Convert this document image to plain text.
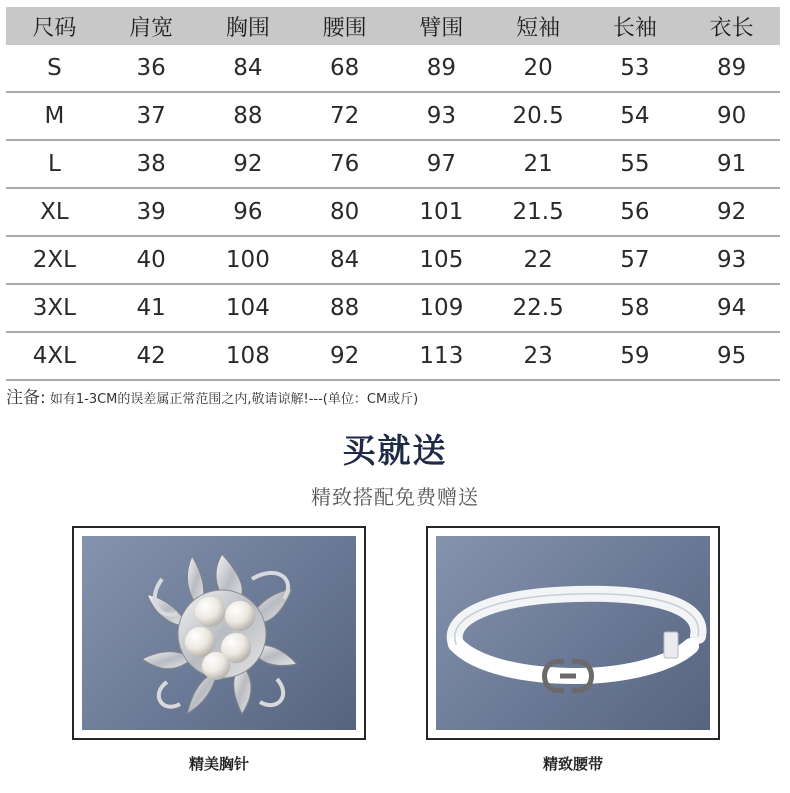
尺码	肩宽	胸围	腰围	臂围	短袖	长袖	衣长
S	36	84	68	89	20	53	89
M	37	88	72	93	20.5	54	90
L	38	92	76	97	21	55	91
XL	39	96	80	101	21.5	56	92
2XL	40	100	84	105	22	57	93
3XL	41	104	88	109	22.5	58	94
4XL	42	108	92	113	23	59	95
注备: 如有1-3CM的误差属正常范围之内,敬请谅解!---(单位：CM或斤)
买就送
精致搭配免费赠送
精美胸针	精致腰带
